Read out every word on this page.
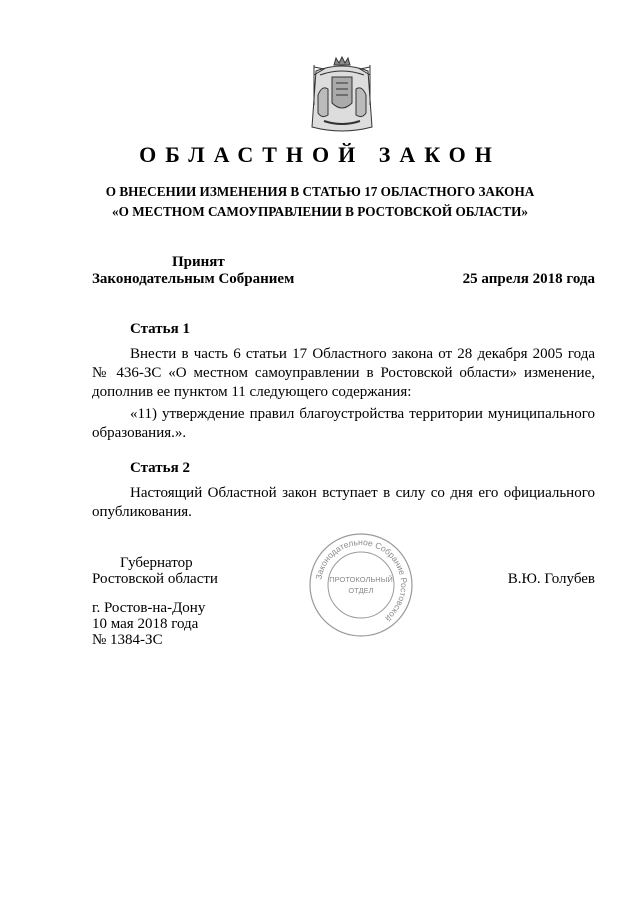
ОБЛАСТНОЙ ЗАКОН
О ВНЕСЕНИИ ИЗМЕНЕНИЯ В СТАТЬЮ 17 ОБЛАСТНОГО ЗАКОНА
«О МЕСТНОМ САМОУПРАВЛЕНИИ В РОСТОВСКОЙ ОБЛАСТИ»
Принят
Законодательным Собранием	25 апреля 2018 года
Статья 1
Внести в часть 6 статьи 17 Областного закона от 28 декабря 2005 года № 436-ЗС «О местном самоуправлении в Ростовской области» изменение, дополнив ее пунктом 11 следующего содержания:
«11) утверждение правил благоустройства территории муниципального образования.».
Статья 2
Настоящий Областной закон вступает в силу со дня его официального опубликования.
Губернатор
Ростовской области	В.Ю. Голубев
Законодательное Собрание Ростовской
ПРОТОКОЛЬНЫЙ
ОТДЕЛ
г. Ростов-на-Дону
10 мая 2018 года
№ 1384-ЗС
